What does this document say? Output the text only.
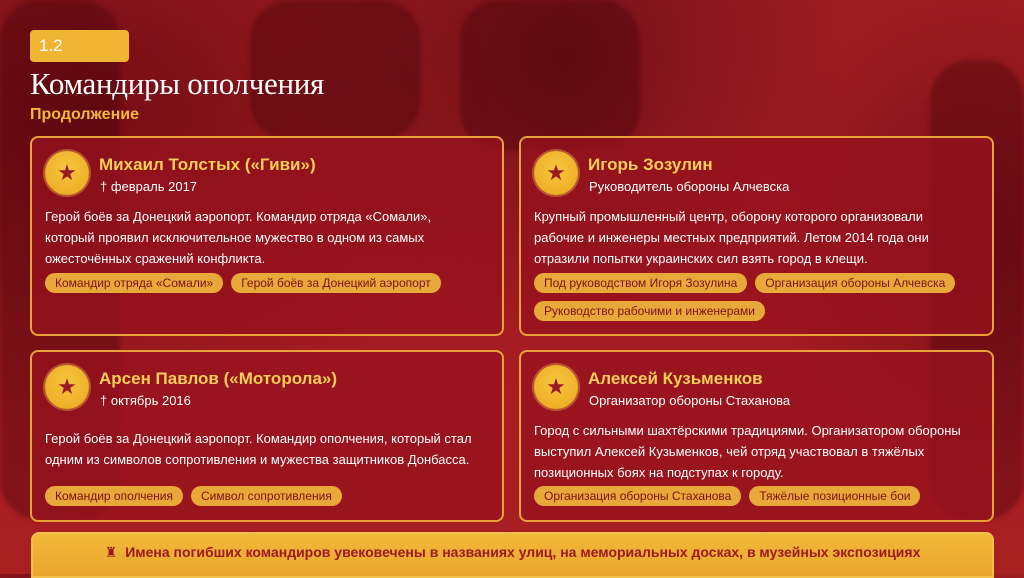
1.2
Командиры ополчения
Продолжение
★ Михаил Толстых («Гиви»)
† февраль 2017
Герой боёв за Донецкий аэропорт. Командир отряда «Сомали»,
который проявил исключительное мужество в одном из самых
ожесточённых сражений конфликта.
Командир отряда «Сомали»	Герой боёв за Донецкий аэропорт
★ Игорь Зозулин
Руководитель обороны Алчевска
Крупный промышленный центр, оборону которого организовали
рабочие и инженеры местных предприятий. Летом 2014 года они
отразили попытки украинских сил взять город в клещи.
Под руководством Игоря Зозулина	Организация обороны Алчевска
Руководство рабочими и инженерами
★ Арсен Павлов («Моторола»)
† октябрь 2016
Герой боёв за Донецкий аэропорт. Командир ополчения, который стал
одним из символов сопротивления и мужества защитников Донбасса.
Командир ополчения	Символ сопротивления
★ Алексей Кузьменков
Организатор обороны Стаханова
Город с сильными шахтёрскими традициями. Организатором обороны
выступил Алексей Кузьменков, чей отряд участвовал в тяжёлых
позиционных боях на подступах к городу.
Организация обороны Стаханова	Тяжёлые позиционные бои
♜ Имена погибших командиров увековечены в названиях улиц, на мемориальных досках, в музейных экспозициях
